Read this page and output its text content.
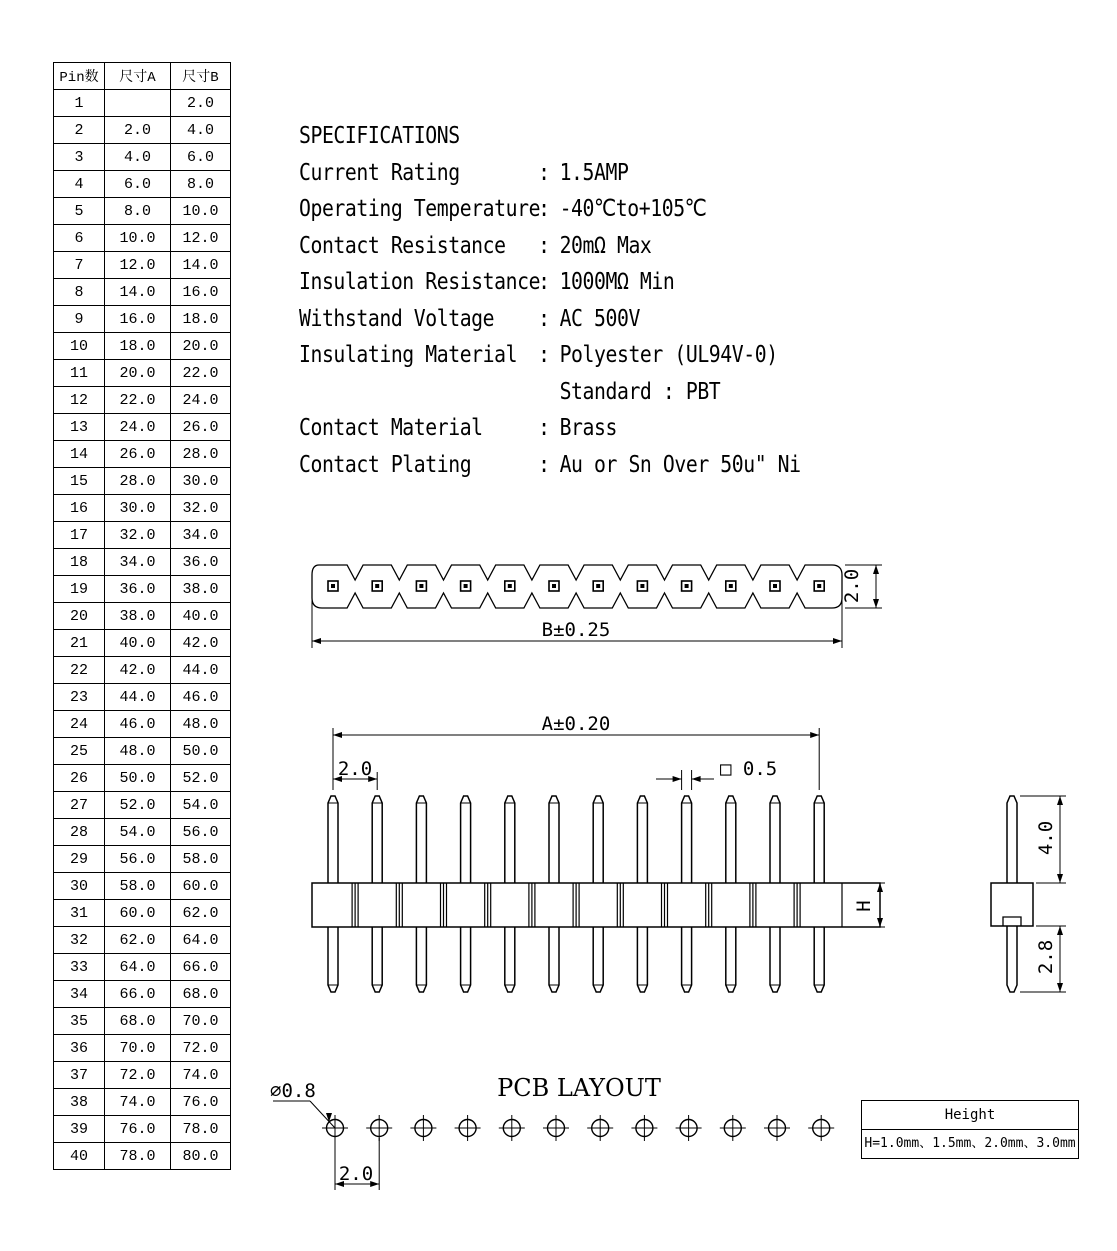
Pin数	尺寸A	尺寸B
1		2.0
2	2.0	4.0
3	4.0	6.0
4	6.0	8.0
5	8.0	10.0
6	10.0	12.0
7	12.0	14.0
8	14.0	16.0
9	16.0	18.0
10	18.0	20.0
11	20.0	22.0
12	22.0	24.0
13	24.0	26.0
14	26.0	28.0
15	28.0	30.0
16	30.0	32.0
17	32.0	34.0
18	34.0	36.0
19	36.0	38.0
20	38.0	40.0
21	40.0	42.0
22	42.0	44.0
23	44.0	46.0
24	46.0	48.0
25	48.0	50.0
26	50.0	52.0
27	52.0	54.0
28	54.0	56.0
29	56.0	58.0
30	58.0	60.0
31	60.0	62.0
32	62.0	64.0
33	64.0	66.0
34	66.0	68.0
35	68.0	70.0
36	70.0	72.0
37	72.0	74.0
38	74.0	76.0
39	76.0	78.0
40	78.0	80.0
SPECIFICATIONS
Current Rating	: 1.5AMP
Operating Temperature
: -40℃to+105℃
Contact Resistance	: 20mΩ Max
Insulation Resistance
: 1000MΩ Min
Withstand Voltage	: AC 500V
Insulating Material : Polyester (UL94V-0)

Standard : PBT
Contact Material	: Brass
Contact Plating	: Au or Sn Over 50u" Ni
2.0
B±0.25
A±0.20
2.0	□ 0.5
H
4.0
2.8
PCB LAYOUT
⌀0.8
2.0
Height
H=1.0mm、1.5mm、2.0mm、3.0mm
